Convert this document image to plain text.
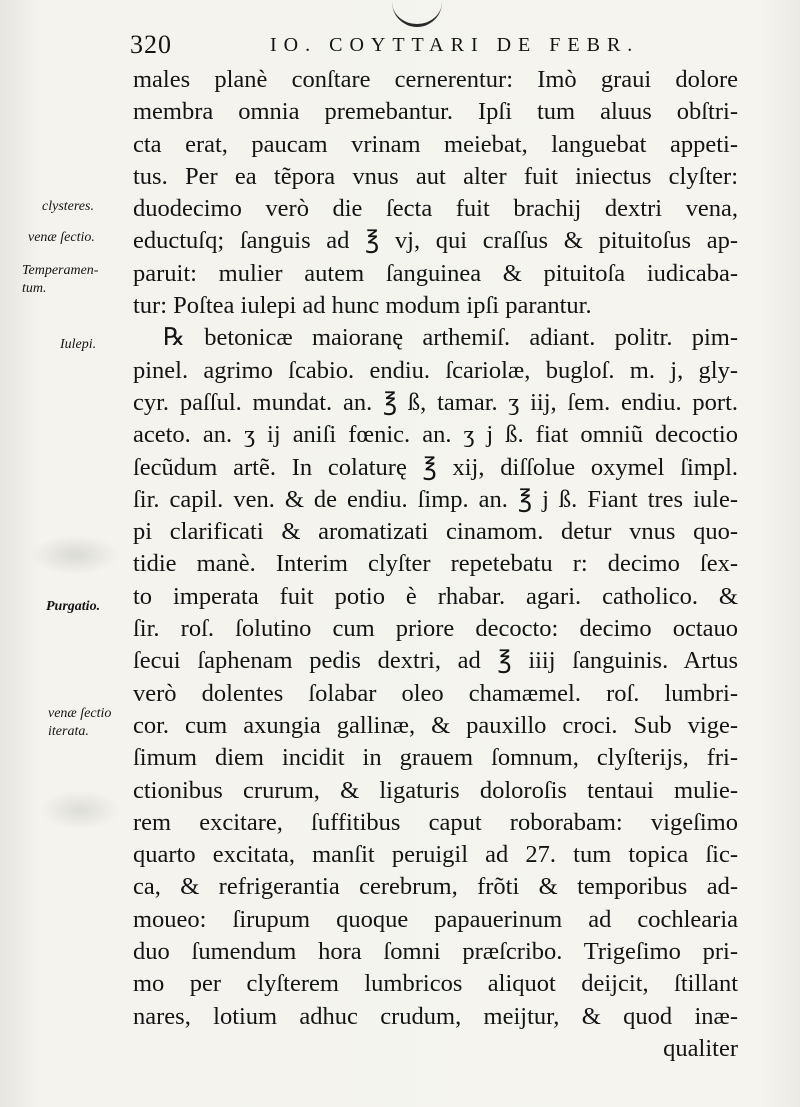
320	IO. COYTTARI DE FEBR.
clysteres.
venæ ſectio.
Temperamen-
tum.
Iulepi.
Purgatio.
venæ ſectio
iterata.
males planè conſtare cernerentur: Imò graui dolore
membra omnia premebantur. Ipſi tum aluus obſtri-
cta erat, paucam vrinam meiebat, languebat appeti-
tus. Per ea tẽpora vnus aut alter fuit iniectus clyſter:
duodecimo verò die ſecta fuit brachij dextri vena,
eductuſq; ſanguis ad ℥ vj, qui craſſus & pituitoſus ap-
paruit: mulier autem ſanguinea & pituitoſa iudicaba-
tur: Poſtea iulepi ad hunc modum ipſi parantur.
℞ betonicæ maioranę arthemiſ. adiant. politr. pim-
pinel. agrimo ſcabio. endiu. ſcariolæ, bugloſ. m. j, gly-
cyr. paſſul. mundat. an. ℥ ß, tamar. ʒ iij, ſem. endiu. port.
aceto. an. ʒ ij aniſi fœnic. an. ʒ j ß. fiat omniũ decoctio
ſecũdum artẽ. In colaturę ℥ xij, diſſolue oxymel ſimpl.
ſir. capil. ven. & de endiu. ſimp. an. ℥ j ß. Fiant tres iule-
pi clarificati & aromatizati cinamom. detur vnus quo-
tidie manè. Interim clyſter repetebatu r: decimo ſex-
to imperata fuit potio è rhabar. agari. catholico. &
ſir. roſ. ſolutino cum priore decocto: decimo octauo
ſecui ſaphenam pedis dextri, ad ℥ iiij ſanguinis. Artus
verò dolentes ſolabar oleo chamæmel. roſ. lumbri-
cor. cum axungia gallinæ, & pauxillo croci. Sub vige-
ſimum diem incidit in grauem ſomnum, clyſterijs, fri-
ctionibus crurum, & ligaturis doloroſis tentaui mulie-
rem excitare, ſuffitibus caput roborabam: vigeſimo
quarto excitata, manſit peruigil ad 27. tum topica ſic-
ca, & refrigerantia cerebrum, frõti & temporibus ad-
moueo: ſirupum quoque papauerinum ad cochlearia
duo ſumendum hora ſomni præſcribo. Trigeſimo pri-
mo per clyſterem lumbricos aliquot deijcit, ſtillant
nares, lotium adhuc crudum, meijtur, & quod inæ-
qualiter
